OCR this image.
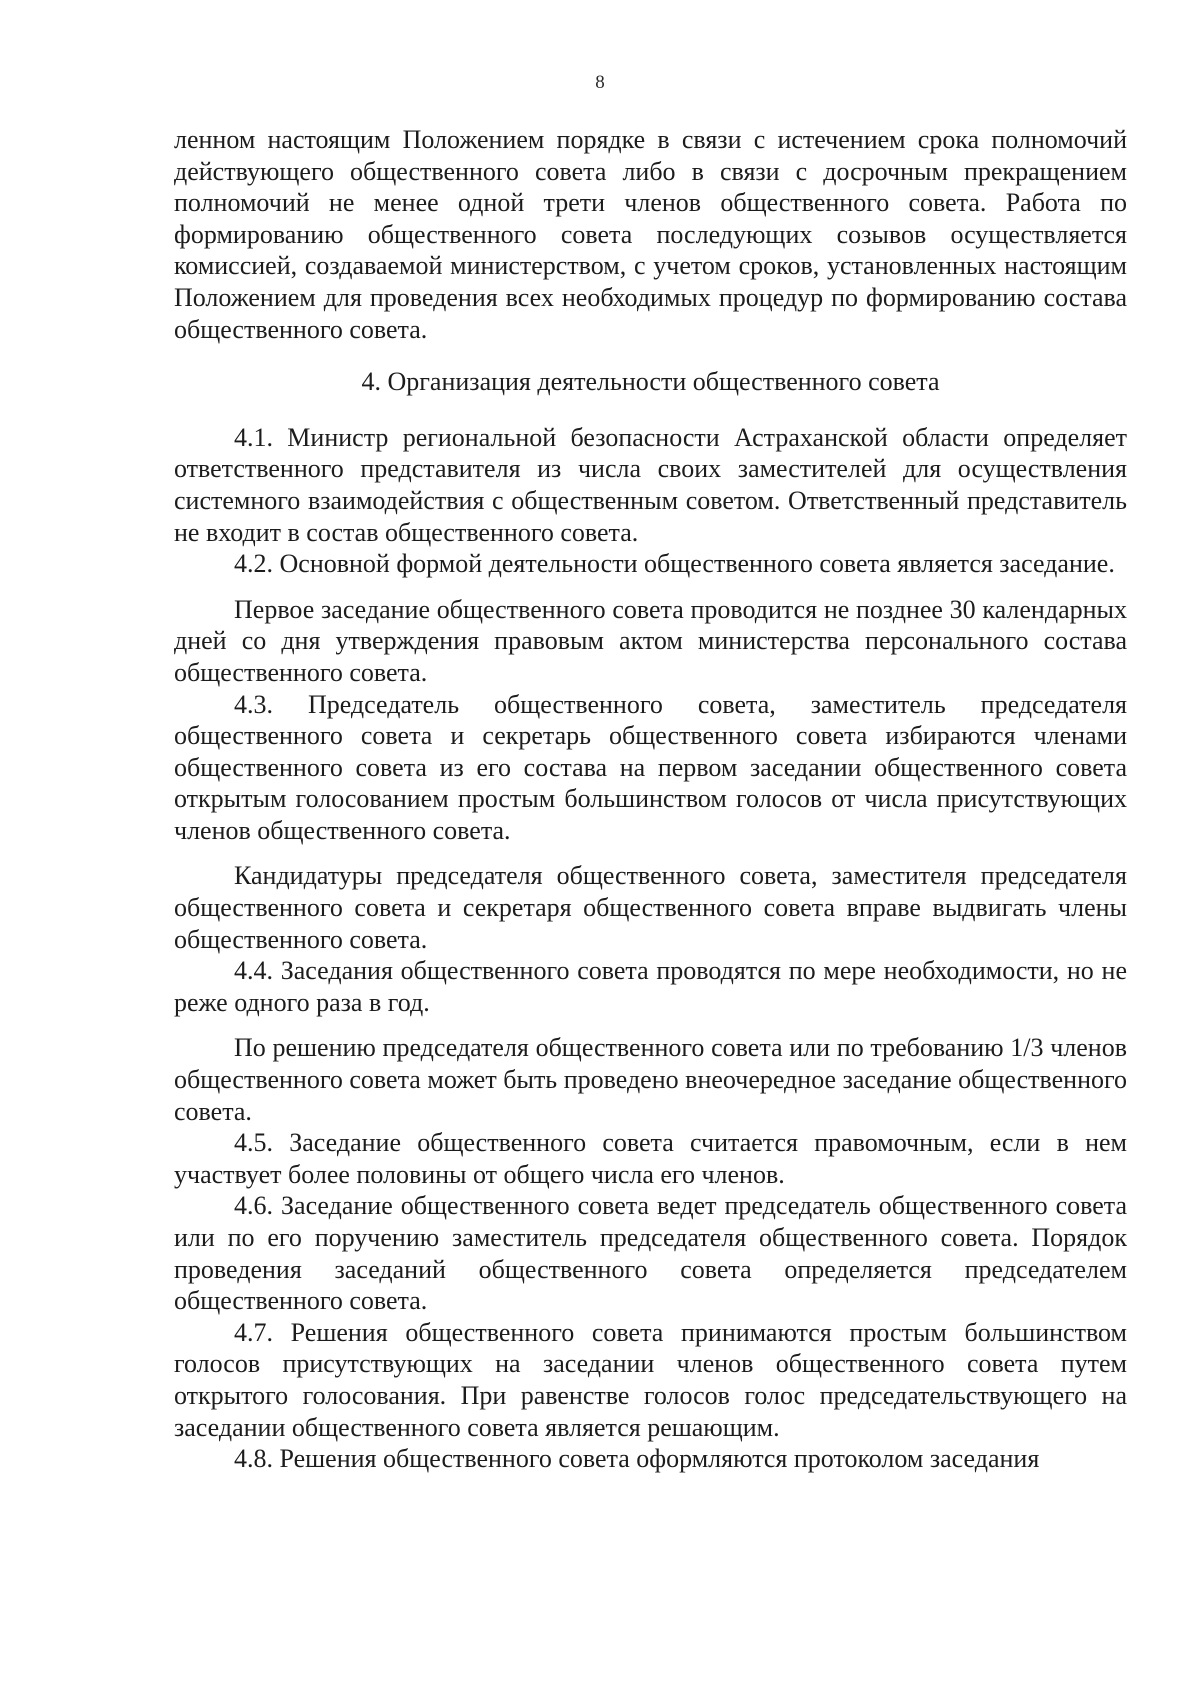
8

ленном настоящим Положением порядке в связи с истечением срока полномочий действующего общественного совета либо в связи с досрочным прекращением полномочий не менее одной трети членов общественного совета. Работа по формированию общественного совета последующих созывов осуществляется комиссией, создаваемой министерством, с учетом сроков, установленных настоящим Положением для проведения всех необходимых процедур по формированию состава общественного совета.

4. Организация деятельности общественного совета

4.1. Министр региональной безопасности Астраханской области определяет ответственного представителя из числа своих заместителей для осуществления системного взаимодействия с общественным советом. Ответственный представитель не входит в состав общественного совета.

4.2. Основной формой деятельности общественного совета является заседание.

Первое заседание общественного совета проводится не позднее 30 календарных дней со дня утверждения правовым актом министерства персонального состава общественного совета.

4.3. Председатель общественного совета, заместитель председателя общественного совета и секретарь общественного совета избираются членами общественного совета из его состава на первом заседании общественного совета открытым голосованием простым большинством голосов от числа присутствующих членов общественного совета.

Кандидатуры председателя общественного совета, заместителя председателя общественного совета и секретаря общественного совета вправе выдвигать члены общественного совета.

4.4. Заседания общественного совета проводятся по мере необходимости, но не реже одного раза в год.

По решению председателя общественного совета или по требованию 1/3 членов общественного совета может быть проведено внеочередное заседание общественного совета.

4.5. Заседание общественного совета считается правомочным, если в нем участвует более половины от общего числа его членов.

4.6. Заседание общественного совета ведет председатель общественного совета или по его поручению заместитель председателя общественного совета. Порядок проведения заседаний общественного совета определяется председателем общественного совета.

4.7. Решения общественного совета принимаются простым большинством голосов присутствующих на заседании членов общественного совета путем открытого голосования. При равенстве голосов голос председательствующего на заседании общественного совета является решающим.

4.8. Решения общественного совета оформляются протоколом заседания
